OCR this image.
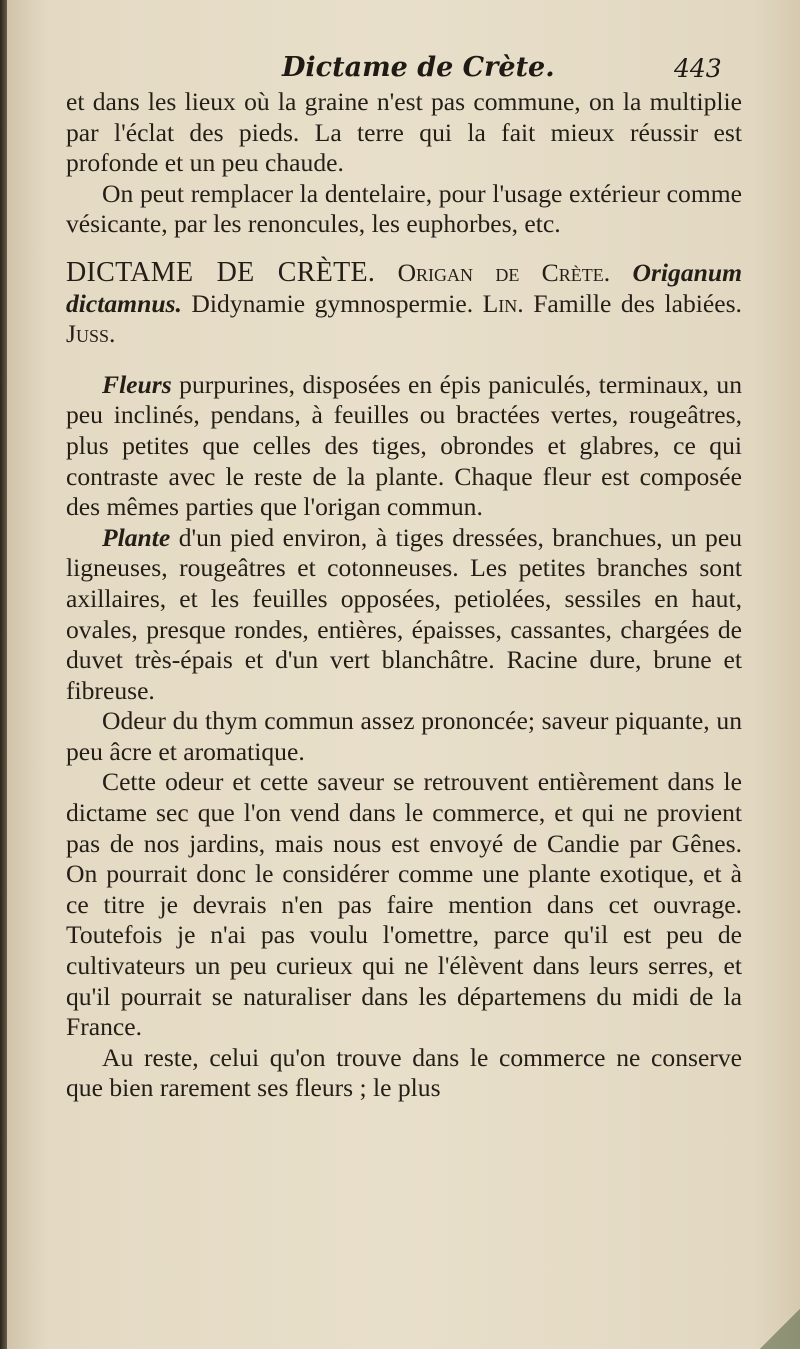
Dictame de Crète.	443

et dans les lieux où la graine n'est pas commune, on la multiplie par l'éclat des pieds. La terre qui la fait mieux réussir est profonde et un peu chaude.

On peut remplacer la dentelaire, pour l'usage extérieur comme vésicante, par les renoncules, les euphorbes, etc.

DICTAME DE CRÈTE. Origan de Crète. Origanum dictamnus. Didynamie gymnospermie. Lin. Famille des labiées. Juss.

Fleurs purpurines, disposées en épis paniculés, terminaux, un peu inclinés, pendans, à feuilles ou bractées vertes, rougeâtres, plus petites que celles des tiges, obrondes et glabres, ce qui contraste avec le reste de la plante. Chaque fleur est composée des mêmes parties que l'origan commun.

Plante d'un pied environ, à tiges dressées, branchues, un peu ligneuses, rougeâtres et cotonneuses. Les petites branches sont axillaires, et les feuilles opposées, petiolées, sessiles en haut, ovales, presque rondes, entières, épaisses, cassantes, chargées de duvet très-épais et d'un vert blanchâtre. Racine dure, brune et fibreuse.

Odeur du thym commun assez prononcée; saveur piquante, un peu âcre et aromatique.

Cette odeur et cette saveur se retrouvent entièrement dans le dictame sec que l'on vend dans le commerce, et qui ne provient pas de nos jardins, mais nous est envoyé de Candie par Gênes. On pourrait donc le considérer comme une plante exotique, et à ce titre je devrais n'en pas faire mention dans cet ouvrage. Toutefois je n'ai pas voulu l'omettre, parce qu'il est peu de cultivateurs un peu curieux qui ne l'élèvent dans leurs serres, et qu'il pourrait se naturaliser dans les départemens du midi de la France.

Au reste, celui qu'on trouve dans le commerce ne conserve que bien rarement ses fleurs ; le plus
